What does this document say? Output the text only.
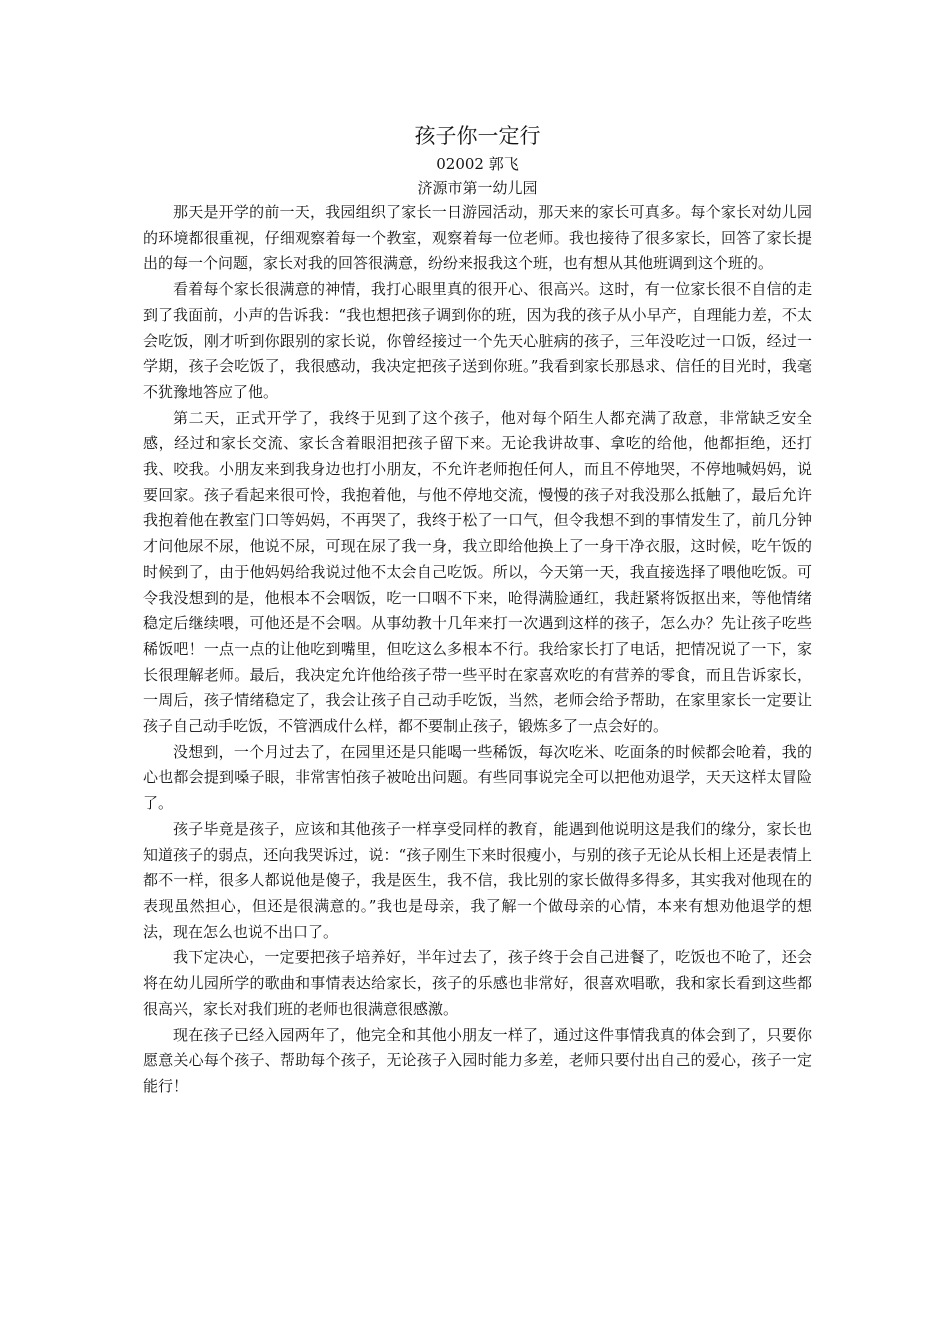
孩子你一定行

02002 郭飞

济源市第一幼儿园

那天是开学的前一天，我园组织了家长一日游园活动，那天来的家长可真多。每个家长对幼儿园的环境都很重视，仔细观察着每一个教室，观察着每一位老师。我也接待了很多家长，回答了家长提出的每一个问题，家长对我的回答很满意，纷纷来报我这个班，也有想从其他班调到这个班的。

看着每个家长很满意的神情，我打心眼里真的很开心、很高兴。这时，有一位家长很不自信的走到了我面前，小声的告诉我：“我也想把孩子调到你的班，因为我的孩子从小早产，自理能力差，不太会吃饭，刚才听到你跟别的家长说，你曾经接过一个先天心脏病的孩子，三年没吃过一口饭，经过一学期，孩子会吃饭了，我很感动，我决定把孩子送到你班。”我看到家长那恳求、信任的目光时，我毫不犹豫地答应了他。

第二天，正式开学了，我终于见到了这个孩子，他对每个陌生人都充满了敌意，非常缺乏安全感，经过和家长交流、家长含着眼泪把孩子留下来。无论我讲故事、拿吃的给他，他都拒绝，还打我、咬我。小朋友来到我身边也打小朋友，不允许老师抱任何人，而且不停地哭，不停地喊妈妈，说要回家。孩子看起来很可怜，我抱着他，与他不停地交流，慢慢的孩子对我没那么抵触了，最后允许我抱着他在教室门口等妈妈，不再哭了，我终于松了一口气，但令我想不到的事情发生了，前几分钟才问他尿不尿，他说不尿，可现在尿了我一身，我立即给他换上了一身干净衣服，这时候，吃午饭的时候到了，由于他妈妈给我说过他不太会自己吃饭。所以，今天第一天，我直接选择了喂他吃饭。可令我没想到的是，他根本不会咽饭，吃一口咽不下来，呛得满脸通红，我赶紧将饭抠出来，等他情绪稳定后继续喂，可他还是不会咽。从事幼教十几年来打一次遇到这样的孩子，怎么办？先让孩子吃些稀饭吧！一点一点的让他吃到嘴里，但吃这么多根本不行。我给家长打了电话，把情况说了一下，家长很理解老师。最后，我决定允许他给孩子带一些平时在家喜欢吃的有营养的零食，而且告诉家长，一周后，孩子情绪稳定了，我会让孩子自己动手吃饭，当然，老师会给予帮助，在家里家长一定要让孩子自己动手吃饭，不管洒成什么样，都不要制止孩子，锻炼多了一点会好的。

没想到，一个月过去了，在园里还是只能喝一些稀饭，每次吃米、吃面条的时候都会呛着，我的心也都会提到嗓子眼，非常害怕孩子被呛出问题。有些同事说完全可以把他劝退学，天天这样太冒险了。

孩子毕竟是孩子，应该和其他孩子一样享受同样的教育，能遇到他说明这是我们的缘分，家长也知道孩子的弱点，还向我哭诉过，说：“孩子刚生下来时很瘦小，与别的孩子无论从长相上还是表情上都不一样，很多人都说他是傻子，我是医生，我不信，我比别的家长做得多得多，其实我对他现在的表现虽然担心，但还是很满意的。”我也是母亲，我了解一个做母亲的心情，本来有想劝他退学的想法，现在怎么也说不出口了。

我下定决心，一定要把孩子培养好，半年过去了，孩子终于会自己进餐了，吃饭也不呛了，还会将在幼儿园所学的歌曲和事情表达给家长，孩子的乐感也非常好，很喜欢唱歌，我和家长看到这些都很高兴，家长对我们班的老师也很满意很感激。

现在孩子已经入园两年了，他完全和其他小朋友一样了，通过这件事情我真的体会到了，只要你愿意关心每个孩子、帮助每个孩子，无论孩子入园时能力多差，老师只要付出自己的爱心，孩子一定能行！
